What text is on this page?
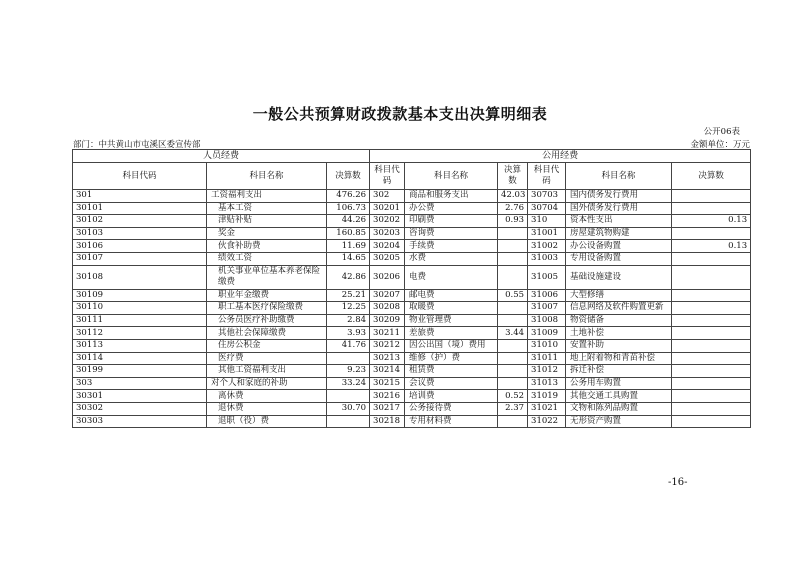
一般公共预算财政拨款基本支出决算明细表
公开06表
部门：中共黄山市屯溪区委宣传部	金额单位：万元
人员经费			公用经费					
科目代码	科目名称	决算数	科目代码	科目名称	决算数	科目代码	科目名称	决算数
301	工资福利支出	476.26	302	商品和服务支出	42.03	30703	国内债务发行费用	
30101	基本工资	106.73	30201	办公费	2.76	30704	国外债务发行费用	
30102	津贴补贴	44.26	30202	印刷费	0.93	310	资本性支出	0.13
30103	奖金	160.85	30203	咨询费		31001	房屋建筑物购建	
30106	伙食补助费	11.69	30204	手续费		31002	办公设备购置	0.13
30107	绩效工资	14.65	30205	水费		31003	专用设备购置	
30108	机关事业单位基本养老保险缴费	42.86	30206	电费		31005	基础设施建设	
30109	职业年金缴费	25.21	30207	邮电费	0.55	31006	大型修缮	
30110	职工基本医疗保险缴费	12.25	30208	取暖费		31007	信息网络及软件购置更新	
30111	公务员医疗补助缴费	2.84	30209	物业管理费		31008	物资储备	
30112	其他社会保障缴费	3.93	30211	差旅费	3.44	31009	土地补偿	
30113	住房公积金	41.76	30212	因公出国（境）费用		31010	安置补助	
30114	医疗费		30213	维修（护）费		31011	地上附着物和青苗补偿	
30199	其他工资福利支出	9.23	30214	租赁费		31012	拆迁补偿	
303	对个人和家庭的补助	33.24	30215	会议费		31013	公务用车购置	
30301	离休费		30216	培训费	0.52	31019	其他交通工具购置	
30302	退休费	30.70	30217	公务接待费	2.37	31021	文物和陈列品购置	
30303	退职（役）费		30218	专用材料费		31022	无形资产购置	
-16-
